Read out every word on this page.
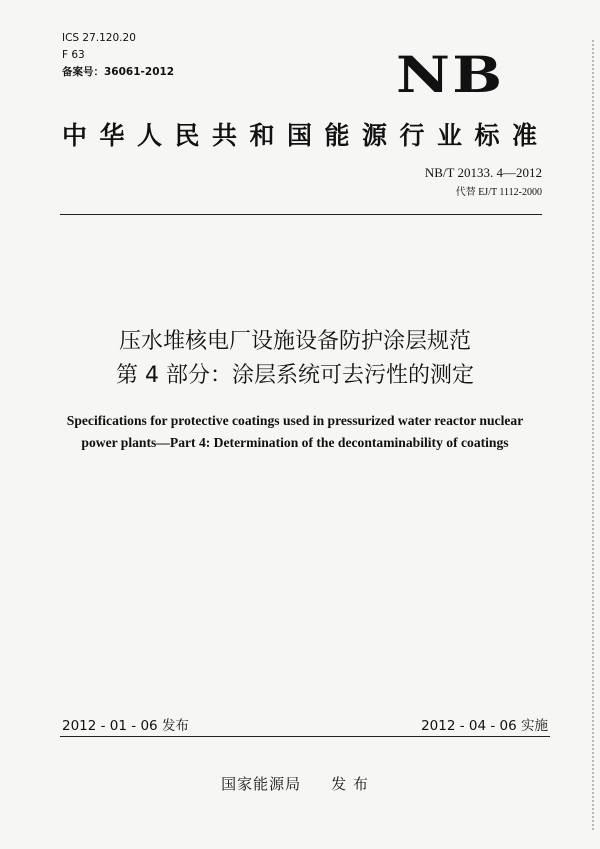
ICS 27.120.20
F 63
备案号：36061-2012	NB
中华人民共和国能源行业标准
NB/T 20133. 4—2012
代替 EJ/T 1112-2000
压水堆核电厂设施设备防护涂层规范
第 4 部分：涂层系统可去污性的测定
Specifications for protective coatings used in pressurized water reactor nuclear
power plants—Part 4: Determination of the decontaminability of coatings
2012 - 01 - 06 发布	2012 - 04 - 06 实施
国家能源局 发 布
